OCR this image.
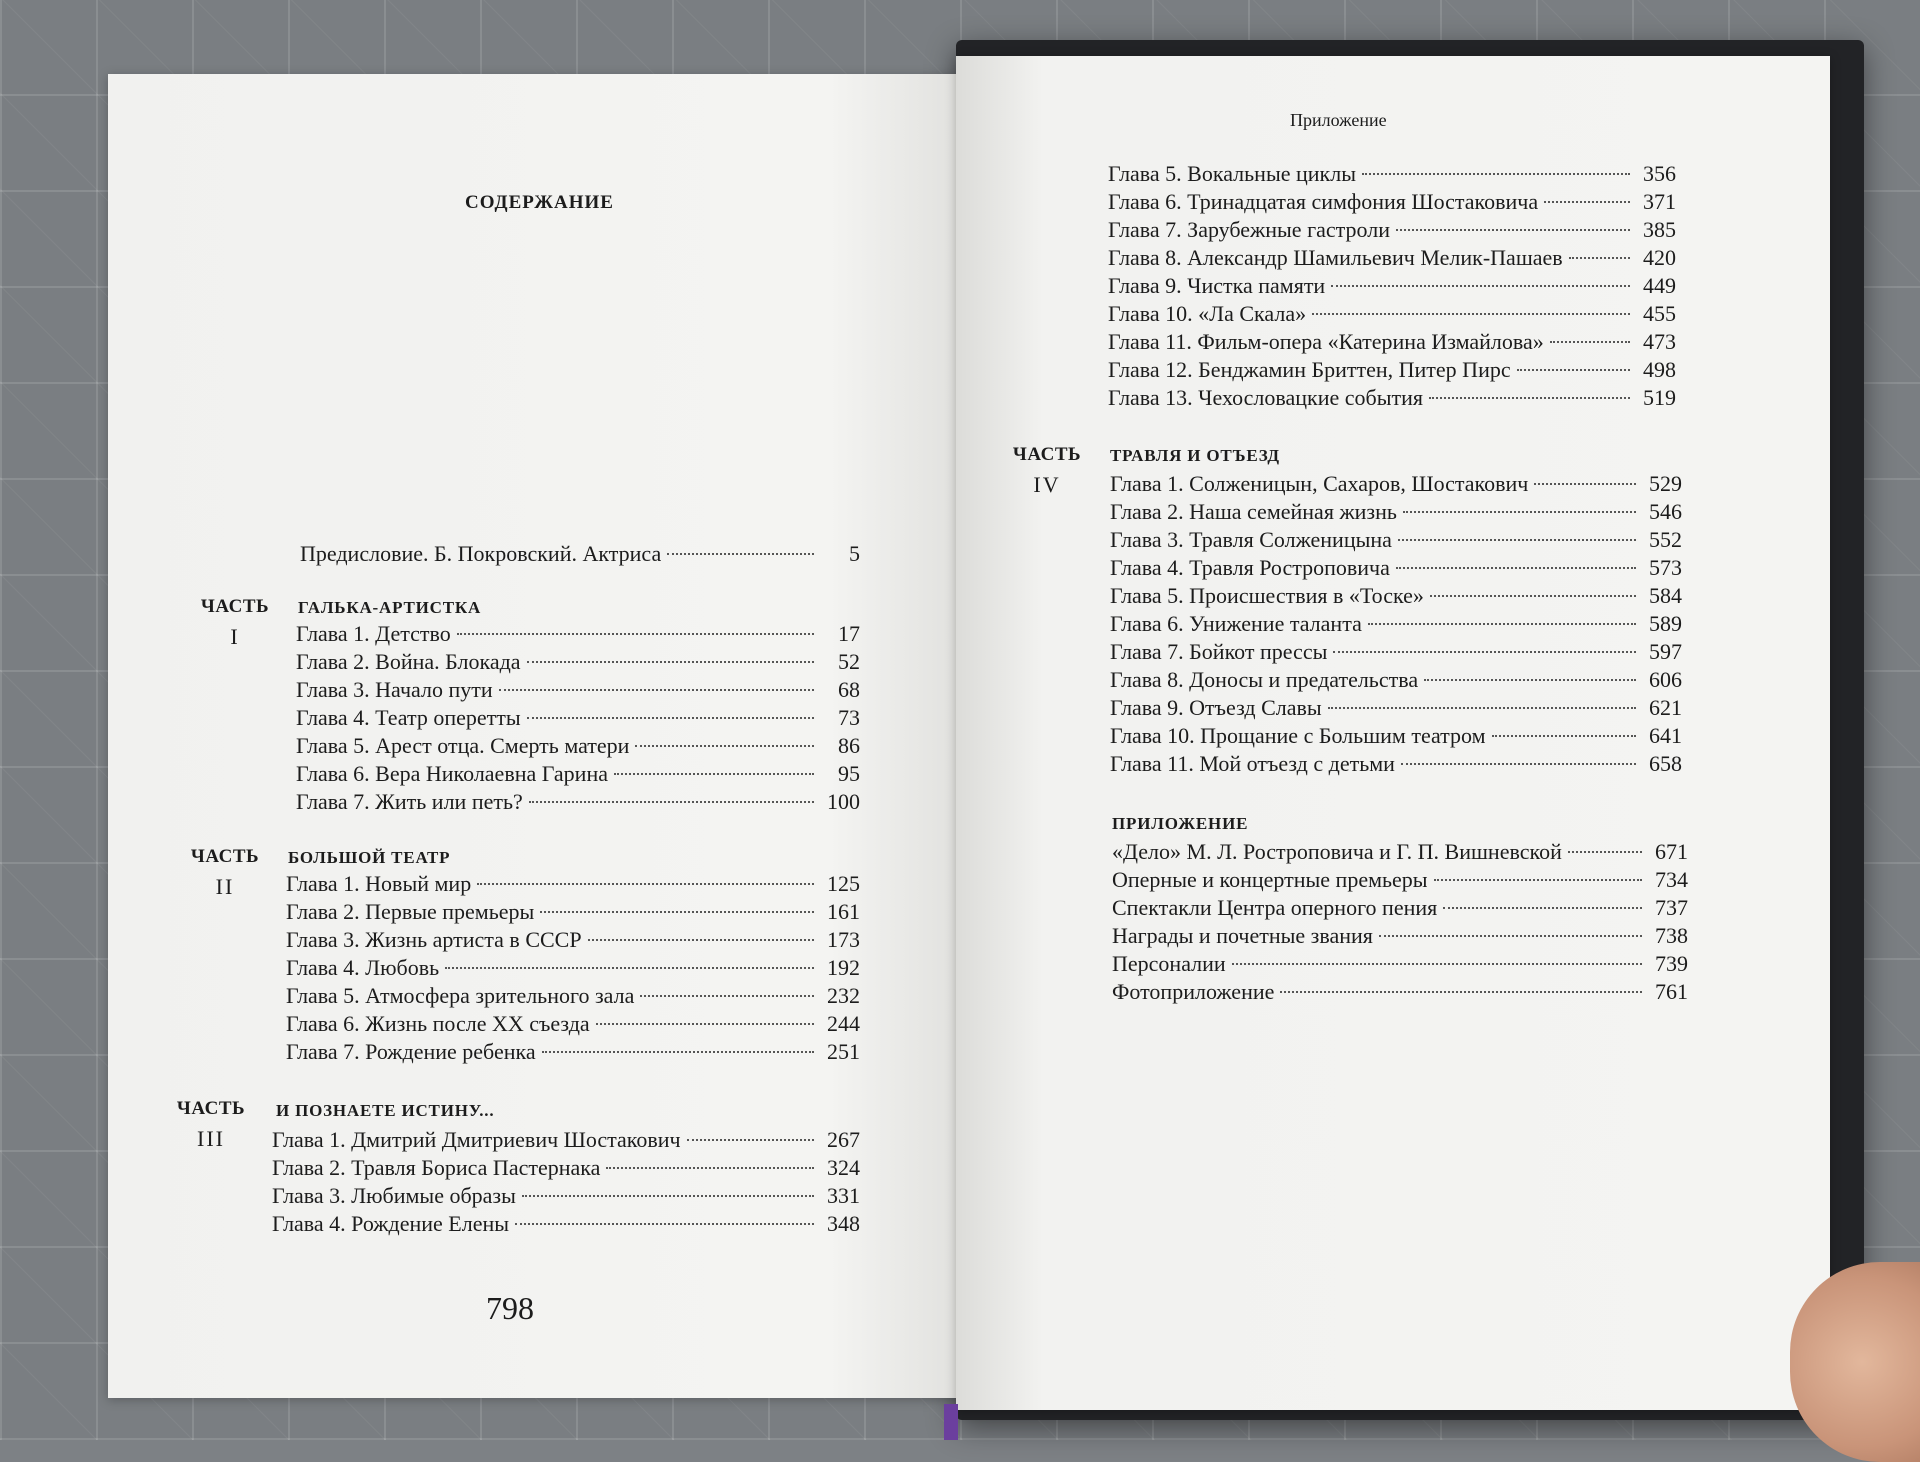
СОДЕРЖАНИЕ
Предисловие. Б. Покровский. Актриса	5
ЧАСТЬ
I
ГАЛЬКА-АРТИСТКА
Глава 1. Детство	17
Глава 2. Война. Блокада	52
Глава 3. Начало пути	68
Глава 4. Театр оперетты	73
Глава 5. Арест отца. Смерть матери	86
Глава 6. Вера Николаевна Гарина	95
Глава 7. Жить или петь?	100
ЧАСТЬ
II
БОЛЬШОЙ ТЕАТР
Глава 1. Новый мир	125
Глава 2. Первые премьеры	161
Глава 3. Жизнь артиста в СССР	173
Глава 4. Любовь	192
Глава 5. Атмосфера зрительного зала	232
Глава 6. Жизнь после XX съезда	244
Глава 7. Рождение ребенка	251
ЧАСТЬ
III
И ПОЗНАЕТЕ ИСТИНУ...
Глава 1. Дмитрий Дмитриевич Шостакович	267
Глава 2. Травля Бориса Пастернака	324
Глава 3. Любимые образы	331
Глава 4. Рождение Елены	348
798
Приложение
Глава 5. Вокальные циклы	356
Глава 6. Тринадцатая симфония Шостаковича	371
Глава 7. Зарубежные гастроли	385
Глава 8. Александр Шамильевич Мелик-Пашаев	420
Глава 9. Чистка памяти	449
Глава 10. «Ла Скала»	455
Глава 11. Фильм-опера «Катерина Измайлова»	473
Глава 12. Бенджамин Бриттен, Питер Пирс	498
Глава 13. Чехословацкие события	519
ЧАСТЬ
IV
ТРАВЛЯ И ОТЪЕЗД
Глава 1. Солженицын, Сахаров, Шостакович	529
Глава 2. Наша семейная жизнь	546
Глава 3. Травля Солженицына	552
Глава 4. Травля Ростроповича	573
Глава 5. Происшествия в «Тоске»	584
Глава 6. Унижение таланта	589
Глава 7. Бойкот прессы	597
Глава 8. Доносы и предательства	606
Глава 9. Отъезд Славы	621
Глава 10. Прощание с Большим театром	641
Глава 11. Мой отъезд с детьми	658
ПРИЛОЖЕНИЕ
«Дело» М. Л. Ростроповича и Г. П. Вишневской	671
Оперные и концертные премьеры	734
Спектакли Центра оперного пения	737
Награды и почетные звания	738
Персоналии	739
Фотоприложение	761
